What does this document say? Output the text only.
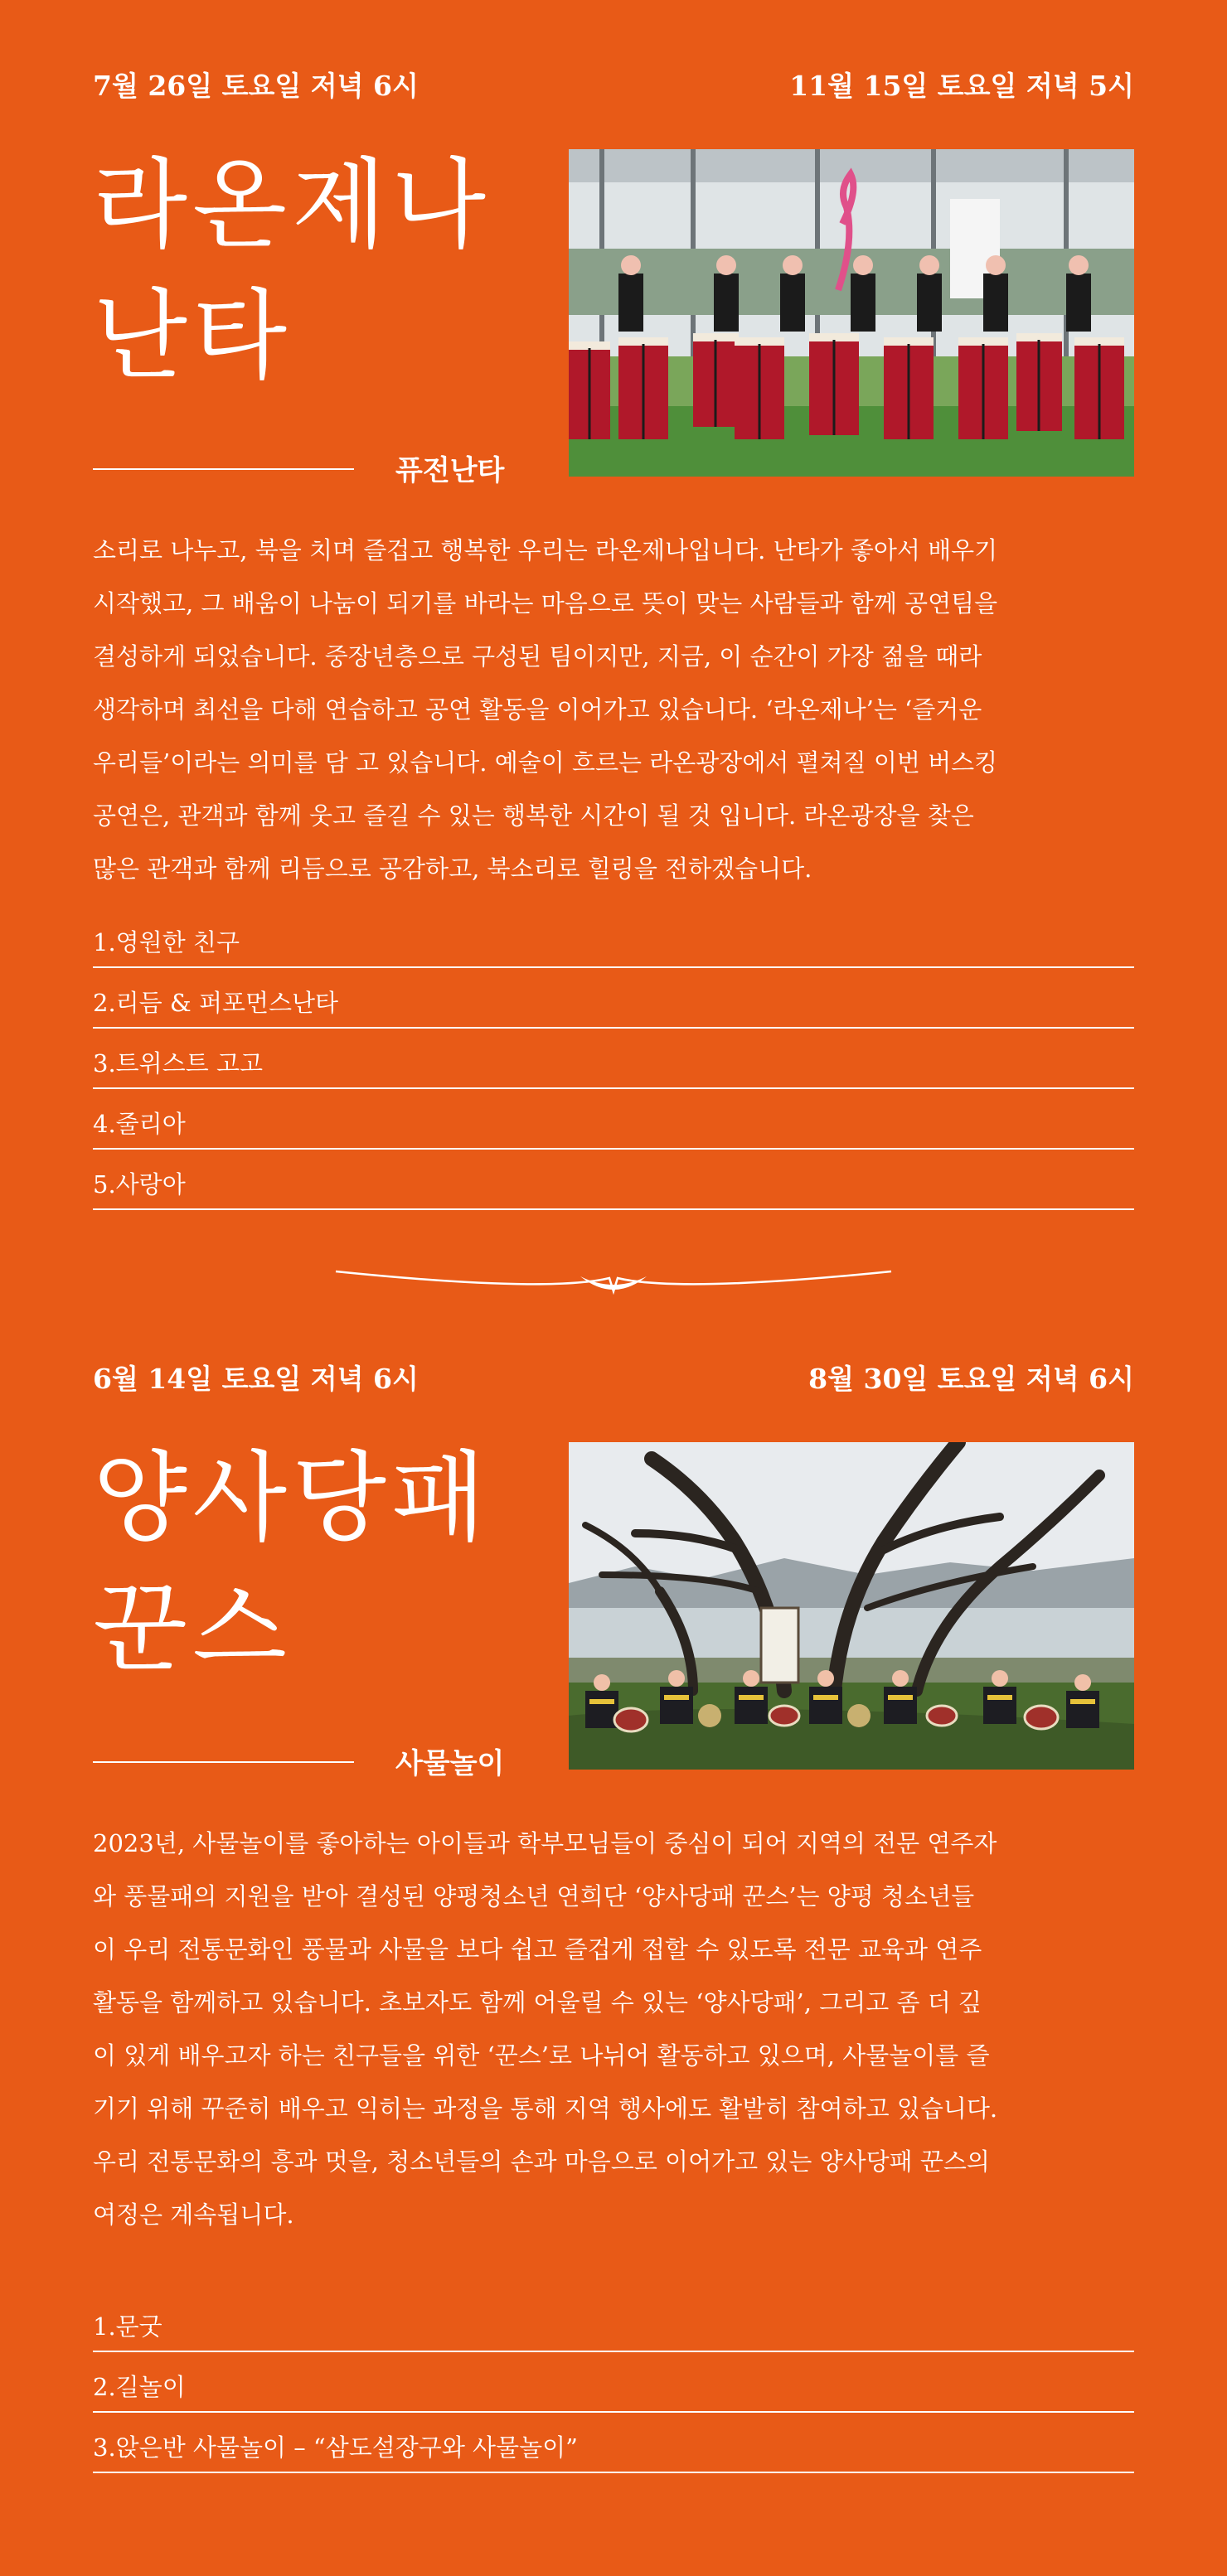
7월 26일 토요일 저녁 6시	11월 15일 토요일 저녁 5시
라온제나
난타
퓨전난타
소리로 나누고, 북을 치며 즐겁고 행복한 우리는 라온제나입니다. 난타가 좋아서 배우기
시작했고, 그 배움이 나눔이 되기를 바라는 마음으로 뜻이 맞는 사람들과 함께 공연팀을
결성하게 되었습니다. 중장년층으로 구성된 팀이지만, 지금, 이 순간이 가장 젊을 때라
생각하며 최선을 다해 연습하고 공연 활동을 이어가고 있습니다. ‘라온제나’는 ‘즐거운
우리들’이라는 의미를 담 고 있습니다. 예술이 흐르는 라온광장에서 펼쳐질 이번 버스킹
공연은, 관객과 함께 웃고 즐길 수 있는 행복한 시간이 될 것 입니다. 라온광장을 찾은
많은 관객과 함께 리듬으로 공감하고, 북소리로 힐링을 전하겠습니다.
1.영원한 친구
2.리듬 & 퍼포먼스난타
3.트위스트 고고
4.줄리아
5.사랑아
6월 14일 토요일 저녁 6시	8월 30일 토요일 저녁 6시
양사당패
꾼스
사물놀이
2023년, 사물놀이를 좋아하는 아이들과 학부모님들이 중심이 되어 지역의 전문 연주자
와 풍물패의 지원을 받아 결성된 양평청소년 연희단 ‘양사당패 꾼스’는 양평 청소년들
이 우리 전통문화인 풍물과 사물을 보다 쉽고 즐겁게 접할 수 있도록 전문 교육과 연주
활동을 함께하고 있습니다. 초보자도 함께 어울릴 수 있는 ‘양사당패’, 그리고 좀 더 깊
이 있게 배우고자 하는 친구들을 위한 ‘꾼스’로 나뉘어 활동하고 있으며, 사물놀이를 즐
기기 위해 꾸준히 배우고 익히는 과정을 통해 지역 행사에도 활발히 참여하고 있습니다.
우리 전통문화의 흥과 멋을, 청소년들의 손과 마음으로 이어가고 있는 양사당패 꾼스의
여정은 계속됩니다.
1.문굿
2.길놀이
3.앉은반 사물놀이 – “삼도설장구와 사물놀이”
